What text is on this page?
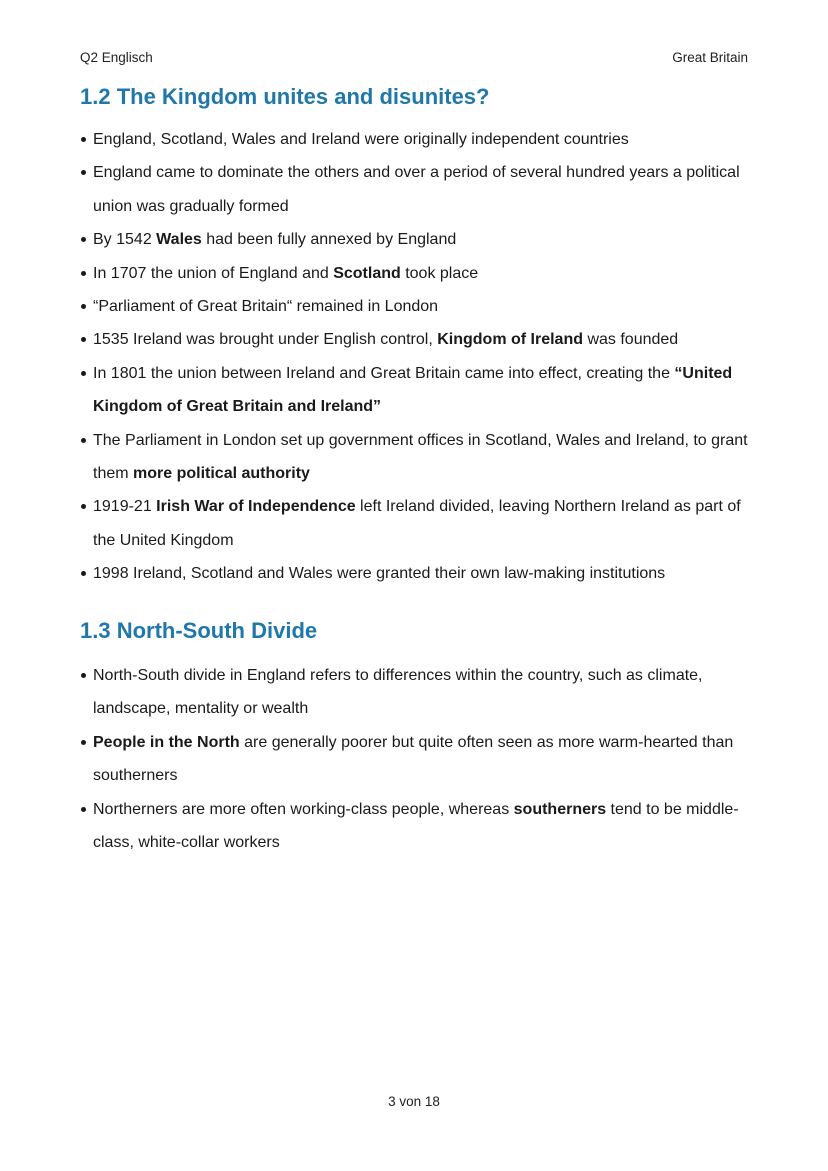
Q2 Englisch	Great Britain
1.2 The Kingdom unites and disunites?
England, Scotland, Wales and Ireland were originally independent countries
England came to dominate the others and over a period of several hundred years a political union was gradually formed
By 1542 Wales had been fully annexed by England
In 1707 the union of England and Scotland took place
“Parliament of Great Britain“ remained in London
1535 Ireland was brought under English control, Kingdom of Ireland was founded
In 1801 the union between Ireland and Great Britain came into effect, creating the “United Kingdom of Great Britain and Ireland”
The Parliament in London set up government offices in Scotland, Wales and Ireland, to grant them more political authority
1919-21 Irish War of Independence left Ireland divided, leaving Northern Ireland as part of the United Kingdom
1998 Ireland, Scotland and Wales were granted their own law-making institutions
1.3 North-South Divide
North-South divide in England refers to differences within the country, such as climate, landscape, mentality or wealth
People in the North are generally poorer but quite often seen as more warm-hearted than southerners
Northerners are more often working-class people, whereas southerners tend to be middle-class, white-collar workers
3 von 18
